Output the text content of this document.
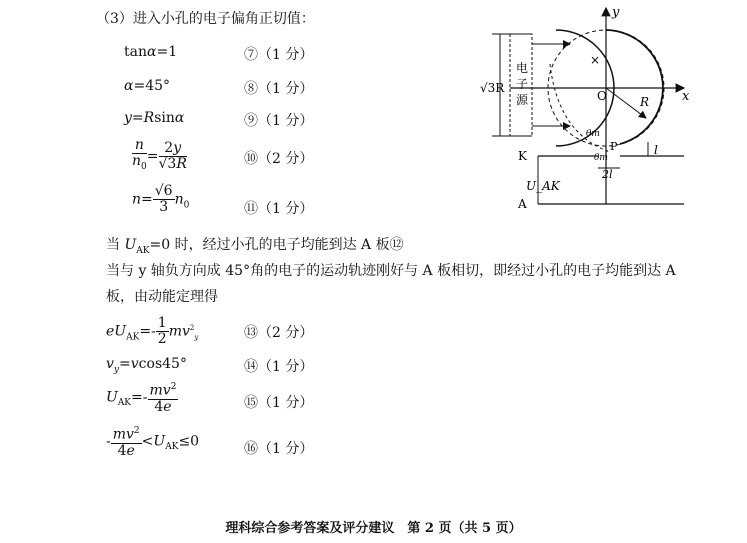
（3）进入小孔的电子偏角正切值：
tanα=1	⑦（1 分）
α=45°	⑧（1 分）
y=Rsinα	⑨（1 分）
$\frac{n}{n_0} = \frac{2y}{√3R}$	⑩（2 分）
$n= \frac{√6}{3} n_0$	⑪（1 分）
当 $U_{AK}=0$ 时，经过小孔的电子均能到达 A 板⑫
当与 y 轴负方向成 45°角的电子的运动轨迹刚好与 A 板相切，即经过小孔的电子均能到达 A 板，由动能定理得
$eU_{AK}=- \frac{1}{2} mv^2_y$	⑬（2 分）
$v_y=vcos45^\circ$	⑭（1 分）
$U_{AK}=- \frac{mv^2}{4e}$	⑮（1 分）
- $\frac{mv^2}{4e} <U_{AK}\le 0$	⑯（1 分）
理科综合参考答案及评分建议　第 2 页（共 5 页）
y
x
O
×
R
电
子
源
√3R
P
θm
θm
K	l
2l
U_AK
A
